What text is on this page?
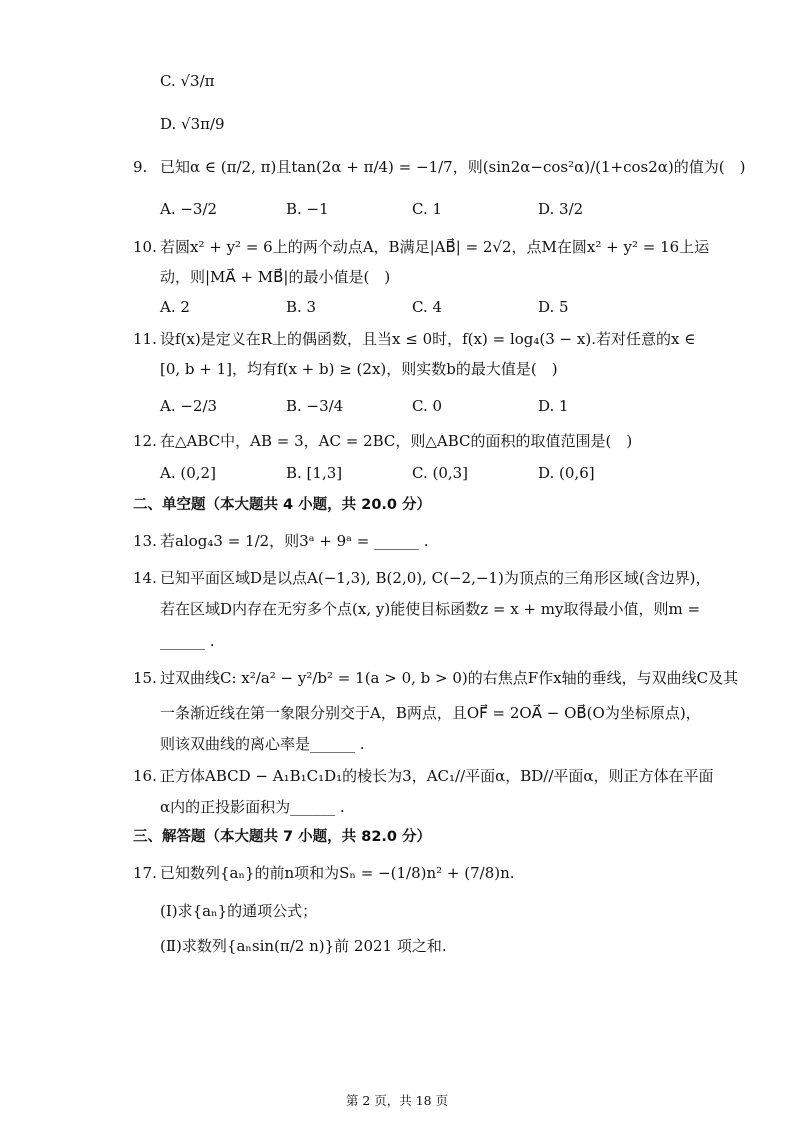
C. √3/π
D. √3π/9
9. 已知α ∈ (π/2, π)且tan(2α + π/4) = −1/7，则(sin2α−cos²α)/(1+cos2α)的值为(　)
A. −3/2	B. −1	C. 1	D. 3/2
10. 若圆x² + y² = 6上的两个动点A，B满足|AB⃗| = 2√2，点M在圆x² + y² = 16上运
动，则|MA⃗ + MB⃗|的最小值是(　)
A. 2	B. 3	C. 4	D. 5
11. 设f(x)是定义在R上的偶函数，且当x ≤ 0时，f(x) = log₄(3 − x).若对任意的x ∈
[0, b + 1]，均有f(x + b) ≥ (2x)，则实数b的最大值是(　)
A. −2/3	B. −3/4	C. 0	D. 1
12. 在△ABC中，AB = 3，AC = 2BC，则△ABC的面积的取值范围是(　)
A. (0,2]	B. [1,3]	C. (0,3]	D. (0,6]
二、单空题（本大题共 4 小题，共 20.0 分）
13. 若alog₄3 = 1/2，则3ᵃ + 9ᵃ = ______ .
14. 已知平面区域D是以点A(−1,3), B(2,0), C(−2,−1)为顶点的三角形区域(含边界)，
若在区域D内存在无穷多个点(x, y)能使目标函数z = x + my取得最小值，则m =
______ .
15. 过双曲线C: x²/a² − y²/b² = 1(a > 0, b > 0)的右焦点F作x轴的垂线，与双曲线C及其
一条渐近线在第一象限分别交于A，B两点，且OF⃗ = 2OA⃗ − OB⃗(O为坐标原点)，
则该双曲线的离心率是______ .
16. 正方体ABCD − A₁B₁C₁D₁的棱长为3，AC₁//平面α，BD//平面α，则正方体在平面
α内的正投影面积为______ .
三、解答题（本大题共 7 小题，共 82.0 分）
17. 已知数列{aₙ}的前n项和为Sₙ = −(1/8)n² + (7/8)n.
(Ⅰ)求{aₙ}的通项公式；
(Ⅱ)求数列{aₙsin(π/2 n)}前 2021 项之和.
第 2 页，共 18 页
